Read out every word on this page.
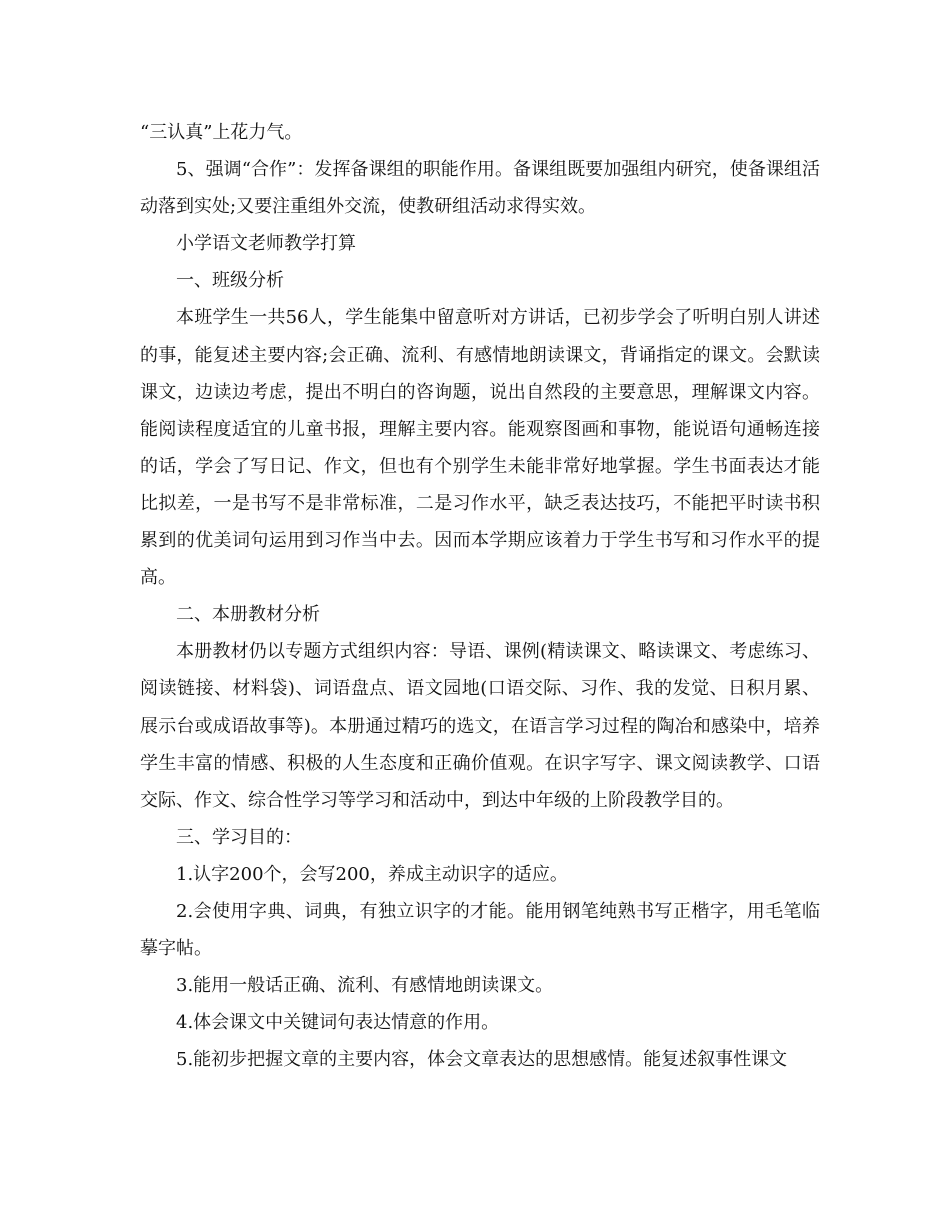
“三认真”上花力气。

5、强调“合作”：发挥备课组的职能作用。备课组既要加强组内研究，使备课组活动落到实处;又要注重组外交流，使教研组活动求得实效。

小学语文老师教学打算

一、班级分析

本班学生一共56人，学生能集中留意听对方讲话，已初步学会了听明白别人讲述的事，能复述主要内容;会正确、流利、有感情地朗读课文，背诵指定的课文。会默读课文，边读边考虑，提出不明白的咨询题，说出自然段的主要意思，理解课文内容。能阅读程度适宜的儿童书报，理解主要内容。能观察图画和事物，能说语句通畅连接的话，学会了写日记、作文，但也有个别学生未能非常好地掌握。学生书面表达才能比拟差，一是书写不是非常标准，二是习作水平，缺乏表达技巧，不能把平时读书积累到的优美词句运用到习作当中去。因而本学期应该着力于学生书写和习作水平的提高。

二、本册教材分析

本册教材仍以专题方式组织内容：导语、课例(精读课文、略读课文、考虑练习、阅读链接、材料袋)、词语盘点、语文园地(口语交际、习作、我的发觉、日积月累、展示台或成语故事等)。本册通过精巧的选文，在语言学习过程的陶冶和感染中，培养学生丰富的情感、积极的人生态度和正确价值观。在识字写字、课文阅读教学、口语交际、作文、综合性学习等学习和活动中，到达中年级的上阶段教学目的。

三、学习目的：

1.认字200个，会写200，养成主动识字的适应。

2.会使用字典、词典，有独立识字的才能。能用钢笔纯熟书写正楷字，用毛笔临摹字帖。

3.能用一般话正确、流利、有感情地朗读课文。

4.体会课文中关键词句表达情意的作用。

5.能初步把握文章的主要内容，体会文章表达的思想感情。能复述叙事性课文
